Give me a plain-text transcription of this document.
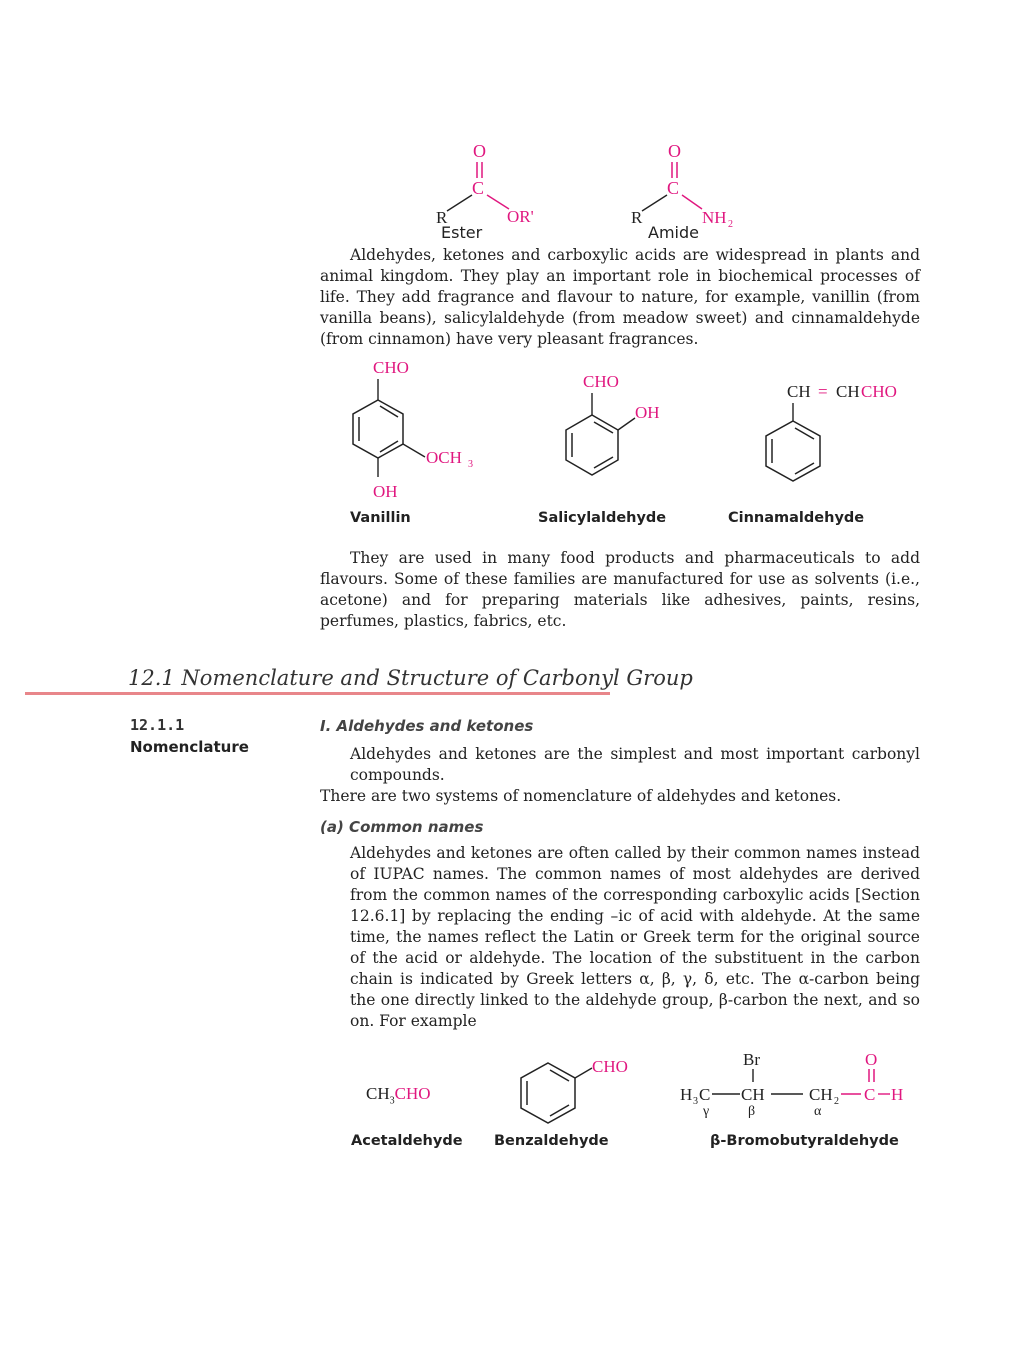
O
C
R	OR'
Ester
O
C
R	NH 2
Amide
Aldehydes, ketones and carboxylic acids are widespread in plants and animal kingdom. They play an important role in biochemical processes of life. They add fragrance and flavour to nature, for example, vanillin (from vanilla beans), salicylaldehyde (from meadow sweet) and cinnamaldehyde (from cinnamon) have very pleasant fragrances.
CHO
OCH 3
OH
Vanillin
CHO
OH
Salicylaldehyde
CH = CH CHO
Cinnamaldehyde
They are used in many food products and pharmaceuticals to add flavours. Some of these families are manufactured for use as solvents (i.e., acetone) and for preparing materials like adhesives, paints, resins, perfumes, plastics, fabrics, etc.
12.1 Nomenclature and Structure of Carbonyl Group
12.1.1
Nomenclature
I. Aldehydes and ketones
Aldehydes and ketones are the simplest and most important carbonyl compounds.
There are two systems of nomenclature of aldehydes and ketones.
(a) Common names
Aldehydes and ketones are often called by their common names instead of IUPAC names. The common names of most aldehydes are derived from the common names of the corresponding carboxylic acids [Section 12.6.1] by replacing the ending –ic of acid with aldehyde. At the same time, the names reflect the Latin or Greek term for the original source of the acid or aldehyde. The location of the substituent in the carbon chain is indicated by Greek letters α, β, γ, δ, etc. The α-carbon being the one directly linked to the aldehyde group, β-carbon the next, and so on. For example
$CH_3CHO$
Acetaldehyde
CHO
Benzaldehyde
Br	O
H 3 C CH	CH 2 C H
γ	β	α
β-Bromobutyraldehyde
